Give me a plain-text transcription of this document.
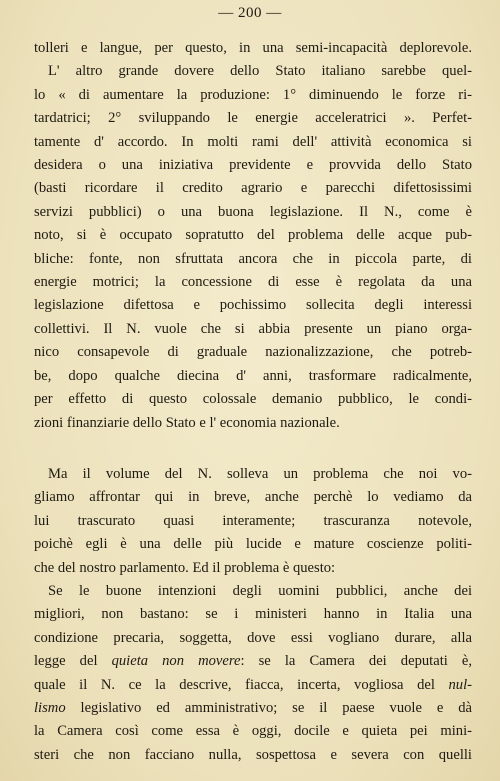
— 200 —
tolleri e langue, per questo, in una semi-incapacità deplorevole.
L' altro grande dovere dello Stato italiano sarebbe quel-
lo « di aumentare la produzione: 1° diminuendo le forze ri-
tardatrici; 2° sviluppando le energie acceleratrici ». Perfet-
tamente d' accordo. In molti rami dell' attività economica si
desidera o una iniziativa previdente e provvida dello Stato
(basti ricordare il credito agrario e parecchi difettosissimi
servizi pubblici) o una buona legislazione. Il N., come è
noto, si è occupato sopratutto del problema delle acque pub-
bliche: fonte, non sfruttata ancora che in piccola parte, di
energie motrici; la concessione di esse è regolata da una
legislazione difettosa e pochissimo sollecita degli interessi
collettivi. Il N. vuole che si abbia presente un piano orga-
nico consapevole di graduale nazionalizzazione, che potreb-
be, dopo qualche diecina d' anni, trasformare radicalmente,
per effetto di questo colossale demanio pubblico, le condi-
zioni finanziarie dello Stato e l' economia nazionale.
Ma il volume del N. solleva un problema che noi vo-
gliamo affrontar qui in breve, anche perchè lo vediamo da
lui trascurato quasi interamente; trascuranza notevole,
poichè egli è una delle più lucide e mature coscienze politi-
che del nostro parlamento. Ed il problema è questo:
Se le buone intenzioni degli uomini pubblici, anche dei
migliori, non bastano: se i ministeri hanno in Italia una
condizione precaria, soggetta, dove essi vogliano durare, alla
legge del quieta non movere: se la Camera dei deputati è,
quale il N. ce la descrive, fiacca, incerta, vogliosa del nul-
lismo legislativo ed amministrativo; se il paese vuole e dà
la Camera così come essa è oggi, docile e quieta pei mini-
steri che non facciano nulla, sospettosa e severa con quelli
